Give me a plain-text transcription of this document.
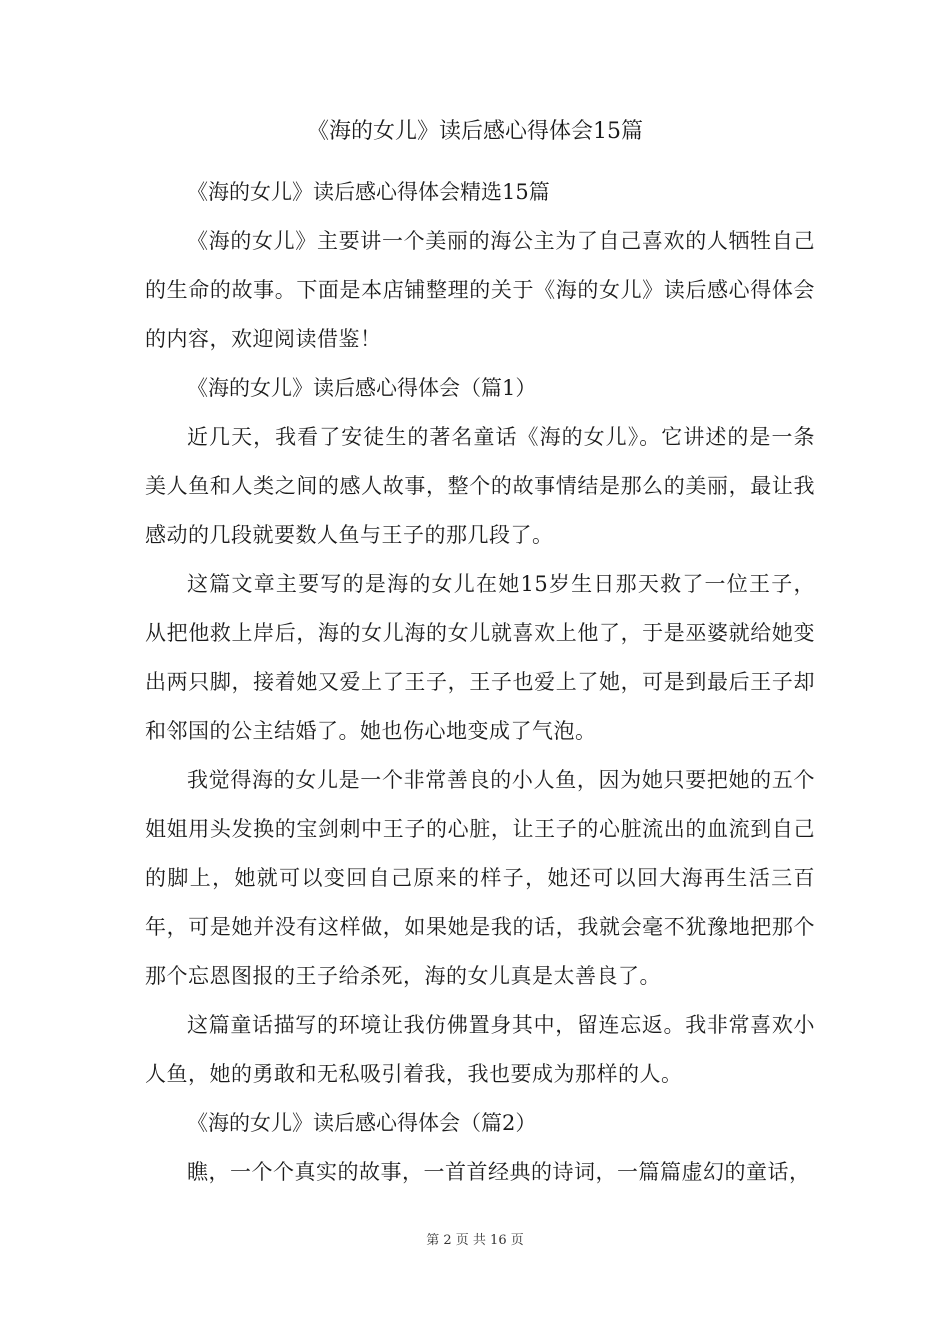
《海的女儿》读后感心得体会15篇

《海的女儿》读后感心得体会精选15篇

《海的女儿》主要讲一个美丽的海公主为了自己喜欢的人牺牲自己的生命的故事。下面是本店铺整理的关于《海的女儿》读后感心得体会的内容，欢迎阅读借鉴！

《海的女儿》读后感心得体会（篇1）

近几天，我看了安徒生的著名童话《海的女儿》。它讲述的是一条美人鱼和人类之间的感人故事，整个的故事情结是那么的美丽，最让我感动的几段就要数人鱼与王子的那几段了。

这篇文章主要写的是海的女儿在她15岁生日那天救了一位王子，从把他救上岸后，海的女儿海的女儿就喜欢上他了，于是巫婆就给她变出两只脚，接着她又爱上了王子，王子也爱上了她，可是到最后王子却和邻国的公主结婚了。她也伤心地变成了气泡。

我觉得海的女儿是一个非常善良的小人鱼，因为她只要把她的五个姐姐用头发换的宝剑刺中王子的心脏，让王子的心脏流出的血流到自己的脚上，她就可以变回自己原来的样子，她还可以回大海再生活三百年，可是她并没有这样做，如果她是我的话，我就会毫不犹豫地把那个那个忘恩图报的王子给杀死，海的女儿真是太善良了。

这篇童话描写的环境让我仿佛置身其中，留连忘返。我非常喜欢小人鱼，她的勇敢和无私吸引着我，我也要成为那样的人。

《海的女儿》读后感心得体会（篇2）

瞧，一个个真实的故事，一首首经典的诗词，一篇篇虚幻的童话，

第 2 页 共 16 页
